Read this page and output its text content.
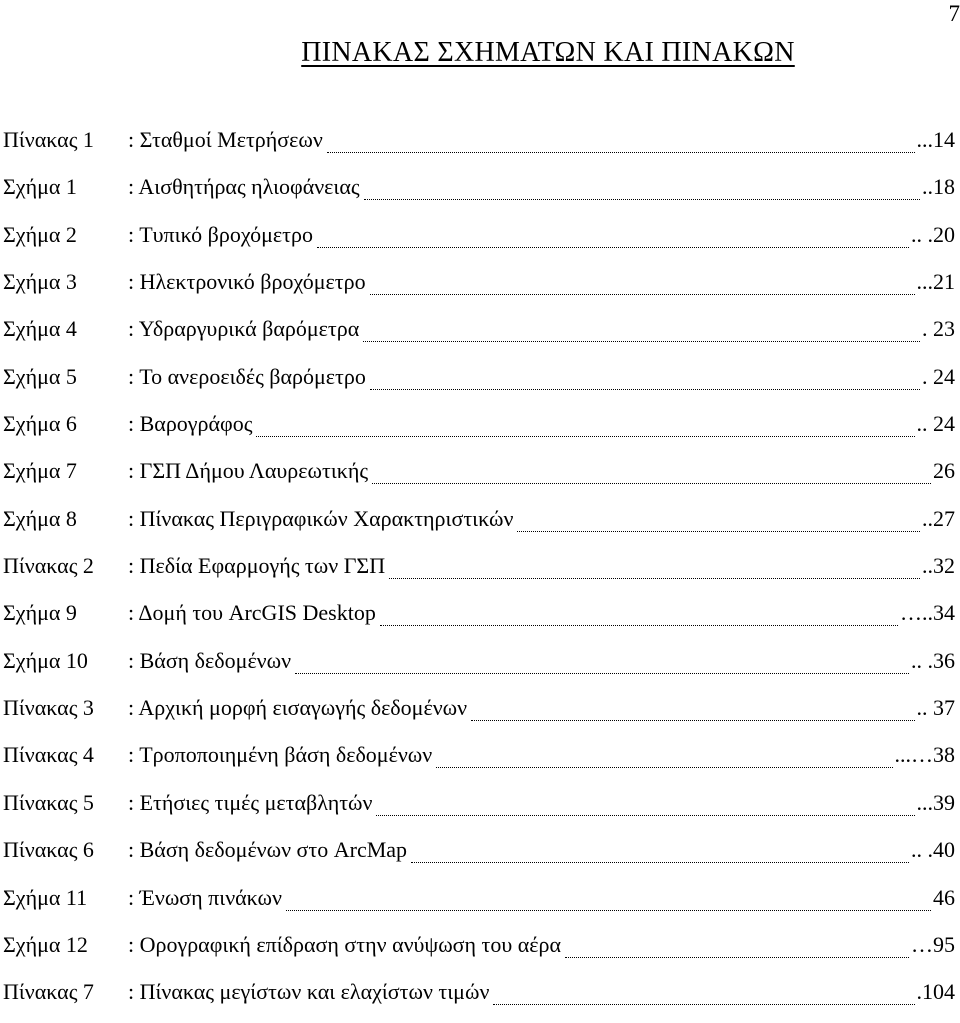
7
ΠΙΝΑΚΑΣ ΣΧΗΜΑΤΩΝ ΚΑΙ ΠΙΝΑΚΩΝ
Πίνακας 1 : Σταθμοί Μετρήσεων	...14
Σχήμα 1 : Αισθητήρας ηλιοφάνειας	..18
Σχήμα 2 : Τυπικό βροχόμετρο	.. .20
Σχήμα 3 : Ηλεκτρονικό βροχόμετρο	...21
Σχήμα 4 : Υδραργυρικά βαρόμετρα	. 23
Σχήμα 5 : Το ανεροειδές βαρόμετρο	. 24
Σχήμα 6 : Βαρογράφος	.. 24
Σχήμα 7 : ΓΣΠ Δήμου Λαυρεωτικής	26
Σχήμα 8 : Πίνακας Περιγραφικών Χαρακτηριστικών	..27
Πίνακας 2 : Πεδία Εφαρμογής των ΓΣΠ	..32
Σχήμα 9 : Δομή του ArcGIS Desktop	…..34
Σχήμα 10 : Βάση δεδομένων	.. .36
Πίνακας 3 : Αρχική μορφή εισαγωγής δεδομένων	.. 37
Πίνακας 4 : Τροποποιημένη βάση δεδομένων	...…38
Πίνακας 5 : Ετήσιες τιμές μεταβλητών	...39
Πίνακας 6 : Βάση δεδομένων στο ArcMap	.. .40
Σχήμα 11 : Ένωση πινάκων	46
Σχήμα 12 : Ορογραφική επίδραση στην ανύψωση του αέρα	…95
Πίνακας 7 : Πίνακας μεγίστων και ελαχίστων τιμών	.104
